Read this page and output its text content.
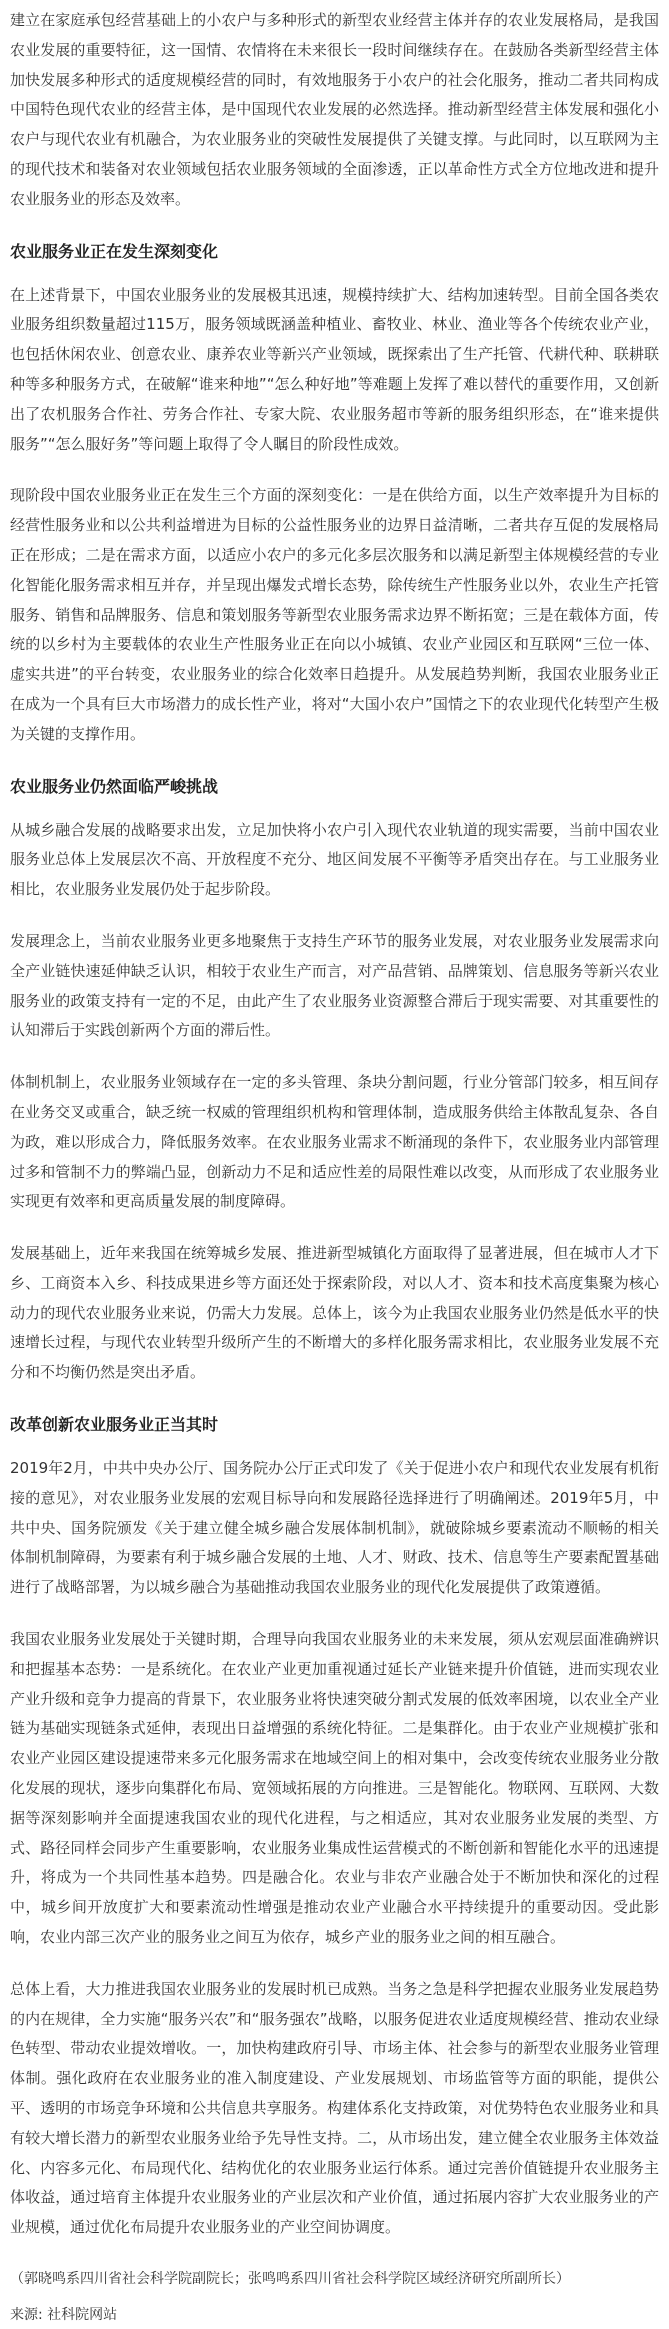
建立在家庭承包经营基础上的小农户与多种形式的新型农业经营主体并存的农业发展格局，是我国农业发展的重要特征，这一国情、农情将在未来很长一段时间继续存在。在鼓励各类新型经营主体加快发展多种形式的适度规模经营的同时，有效地服务于小农户的社会化服务，推动二者共同构成中国特色现代农业的经营主体，是中国现代农业发展的必然选择。推动新型经营主体发展和强化小农户与现代农业有机融合，为农业服务业的突破性发展提供了关键支撑。与此同时，以互联网为主的现代技术和装备对农业领域包括农业服务领域的全面渗透，正以革命性方式全方位地改进和提升农业服务业的形态及效率。

农业服务业正在发生深刻变化

在上述背景下，中国农业服务业的发展极其迅速，规模持续扩大、结构加速转型。目前全国各类农业服务组织数量超过115万，服务领域既涵盖种植业、畜牧业、林业、渔业等各个传统农业产业，也包括休闲农业、创意农业、康养农业等新兴产业领域，既探索出了生产托管、代耕代种、联耕联种等多种服务方式，在破解“谁来种地”“怎么种好地”等难题上发挥了难以替代的重要作用，又创新出了农机服务合作社、劳务合作社、专家大院、农业服务超市等新的服务组织形态，在“谁来提供服务”“怎么服好务”等问题上取得了令人瞩目的阶段性成效。

现阶段中国农业服务业正在发生三个方面的深刻变化：一是在供给方面，以生产效率提升为目标的经营性服务业和以公共利益增进为目标的公益性服务业的边界日益清晰，二者共存互促的发展格局正在形成；二是在需求方面，以适应小农户的多元化多层次服务和以满足新型主体规模经营的专业化智能化服务需求相互并存，并呈现出爆发式增长态势，除传统生产性服务业以外，农业生产托管服务、销售和品牌服务、信息和策划服务等新型农业服务需求边界不断拓宽；三是在载体方面，传统的以乡村为主要载体的农业生产性服务业正在向以小城镇、农业产业园区和互联网“三位一体、虚实共进”的平台转变，农业服务业的综合化效率日趋提升。从发展趋势判断，我国农业服务业正在成为一个具有巨大市场潜力的成长性产业，将对“大国小农户”国情之下的农业现代化转型产生极为关键的支撑作用。

农业服务业仍然面临严峻挑战

从城乡融合发展的战略要求出发，立足加快将小农户引入现代农业轨道的现实需要，当前中国农业服务业总体上发展层次不高、开放程度不充分、地区间发展不平衡等矛盾突出存在。与工业服务业相比，农业服务业发展仍处于起步阶段。

发展理念上，当前农业服务业更多地聚焦于支持生产环节的服务业发展，对农业服务业发展需求向全产业链快速延伸缺乏认识，相较于农业生产而言，对产品营销、品牌策划、信息服务等新兴农业服务业的政策支持有一定的不足，由此产生了农业服务业资源整合滞后于现实需要、对其重要性的认知滞后于实践创新两个方面的滞后性。

体制机制上，农业服务业领域存在一定的多头管理、条块分割问题，行业分管部门较多，相互间存在业务交叉或重合，缺乏统一权威的管理组织机构和管理体制，造成服务供给主体散乱复杂、各自为政，难以形成合力，降低服务效率。在农业服务业需求不断涌现的条件下，农业服务业内部管理过多和管制不力的弊端凸显，创新动力不足和适应性差的局限性难以改变，从而形成了农业服务业实现更有效率和更高质量发展的制度障碍。

发展基础上，近年来我国在统筹城乡发展、推进新型城镇化方面取得了显著进展，但在城市人才下乡、工商资本入乡、科技成果进乡等方面还处于探索阶段，对以人才、资本和技术高度集聚为核心动力的现代农业服务业来说，仍需大力发展。总体上，该今为止我国农业服务业仍然是低水平的快速增长过程，与现代农业转型升级所产生的不断增大的多样化服务需求相比，农业服务业发展不充分和不均衡仍然是突出矛盾。

改革创新农业服务业正当其时

2019年2月，中共中央办公厅、国务院办公厅正式印发了《关于促进小农户和现代农业发展有机衔接的意见》，对农业服务业发展的宏观目标导向和发展路径选择进行了明确阐述。2019年5月，中共中央、国务院颁发《关于建立健全城乡融合发展体制机制》，就破除城乡要素流动不顺畅的相关体制机制障碍，为要素有利于城乡融合发展的土地、人才、财政、技术、信息等生产要素配置基础进行了战略部署，为以城乡融合为基础推动我国农业服务业的现代化发展提供了政策遵循。

我国农业服务业发展处于关键时期，合理导向我国农业服务业的未来发展，须从宏观层面准确辨识和把握基本态势：一是系统化。在农业产业更加重视通过延长产业链来提升价值链，进而实现农业产业升级和竞争力提高的背景下，农业服务业将快速突破分割式发展的低效率困境，以农业全产业链为基础实现链条式延伸，表现出日益增强的系统化特征。二是集群化。由于农业产业规模扩张和农业产业园区建设提速带来多元化服务需求在地域空间上的相对集中，会改变传统农业服务业分散化发展的现状，逐步向集群化布局、宽领域拓展的方向推进。三是智能化。物联网、互联网、大数据等深刻影响并全面提速我国农业的现代化进程，与之相适应，其对农业服务业发展的类型、方式、路径同样会同步产生重要影响，农业服务业集成性运营模式的不断创新和智能化水平的迅速提升，将成为一个共同性基本趋势。四是融合化。农业与非农产业融合处于不断加快和深化的过程中，城乡间开放度扩大和要素流动性增强是推动农业产业融合水平持续提升的重要动因。受此影响，农业内部三次产业的服务业之间互为依存，城乡产业的服务业之间的相互融合。

总体上看，大力推进我国农业服务业的发展时机已成熟。当务之急是科学把握农业服务业发展趋势的内在规律，全力实施“服务兴农”和“服务强农”战略，以服务促进农业适度规模经营、推动农业绿色转型、带动农业提效增收。一，加快构建政府引导、市场主体、社会参与的新型农业服务业管理体制。强化政府在农业服务业的准入制度建设、产业发展规划、市场监管等方面的职能，提供公平、透明的市场竞争环境和公共信息共享服务。构建体系化支持政策，对优势特色农业服务业和具有较大增长潜力的新型农业服务业给予先导性支持。二，从市场出发，建立健全农业服务主体效益化、内容多元化、布局现代化、结构优化的农业服务业运行体系。通过完善价值链提升农业服务主体收益，通过培育主体提升农业服务业的产业层次和产业价值，通过拓展内容扩大农业服务业的产业规模，通过优化布局提升农业服务业的产业空间协调度。

（郭晓鸣系四川省社会科学院副院长；张鸣鸣系四川省社会科学院区域经济研究所副所长）

来源: 社科院网站
